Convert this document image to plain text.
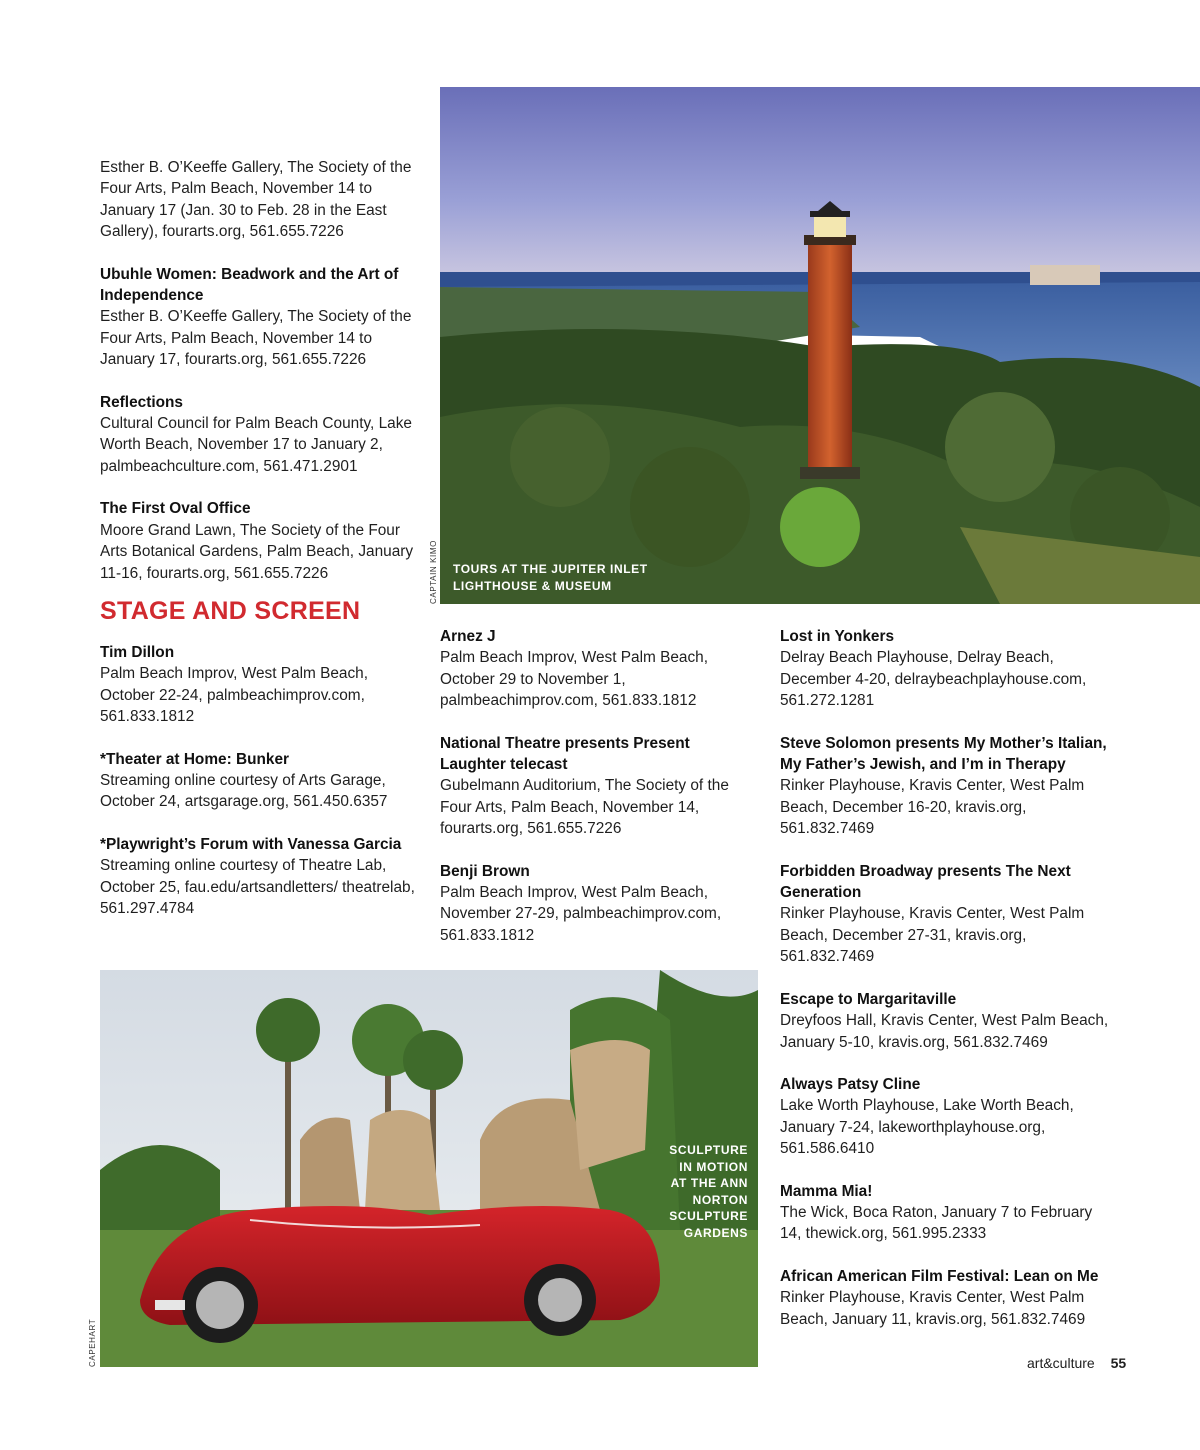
Esther B. O’Keeffe Gallery, The Society of the Four Arts, Palm Beach, November 14 to January 17 (Jan. 30 to Feb. 28 in the East Gallery), fourarts.org, 561.655.7226
Ubuhle Women: Beadwork and the Art of Independence
Esther B. O’Keeffe Gallery, The Society of the Four Arts, Palm Beach, November 14 to January 17, fourarts.org, 561.655.7226
Reflections
Cultural Council for Palm Beach County, Lake Worth Beach, November 17 to January 2, palmbeachculture.com, 561.471.2901
The First Oval Office
Moore Grand Lawn, The Society of the Four Arts Botanical Gardens, Palm Beach, January 11-16, fourarts.org, 561.655.7226
STAGE AND SCREEN
Tim Dillon
Palm Beach Improv, West Palm Beach, October 22-24, palmbeachimprov.com, 561.833.1812
*Theater at Home: Bunker
Streaming online courtesy of Arts Garage, October 24, artsgarage.org, 561.450.6357
*Playwright’s Forum with Vanessa Garcia
Streaming online courtesy of Theatre Lab, October 25, fau.edu/artsandletters/ theatrelab, 561.297.4784
TOURS AT THE JUPITER INLET
LIGHTHOUSE & MUSEUM
CAPTAIN KIMO
Arnez J
Palm Beach Improv, West Palm Beach, October 29 to November 1, palmbeachimprov.com, 561.833.1812
National Theatre presents Present Laughter telecast
Gubelmann Auditorium, The Society of the Four Arts, Palm Beach, November 14, fourarts.org, 561.655.7226
Benji Brown
Palm Beach Improv, West Palm Beach, November 27-29, palmbeachimprov.com, 561.833.1812
Lost in Yonkers
Delray Beach Playhouse, Delray Beach, December 4-20, delraybeachplayhouse.com, 561.272.1281
Steve Solomon presents My Mother’s Italian, My Father’s Jewish, and I’m in Therapy
Rinker Playhouse, Kravis Center, West Palm Beach, December 16-20, kravis.org, 561.832.7469
Forbidden Broadway presents The Next Generation
Rinker Playhouse, Kravis Center, West Palm Beach, December 27-31, kravis.org, 561.832.7469
Escape to Margaritaville
Dreyfoos Hall, Kravis Center, West Palm Beach, January 5-10, kravis.org, 561.832.7469
Always Patsy Cline
Lake Worth Playhouse, Lake Worth Beach, January 7-24, lakeworthplayhouse.org, 561.586.6410
Mamma Mia!
The Wick, Boca Raton, January 7 to February 14, thewick.org, 561.995.2333
African American Film Festival: Lean on Me
Rinker Playhouse, Kravis Center, West Palm Beach, January 11, kravis.org, 561.832.7469
SCULPTURE
IN MOTION
AT THE ANN
NORTON
SCULPTURE
GARDENS
CAPEHART	art&culture 55
